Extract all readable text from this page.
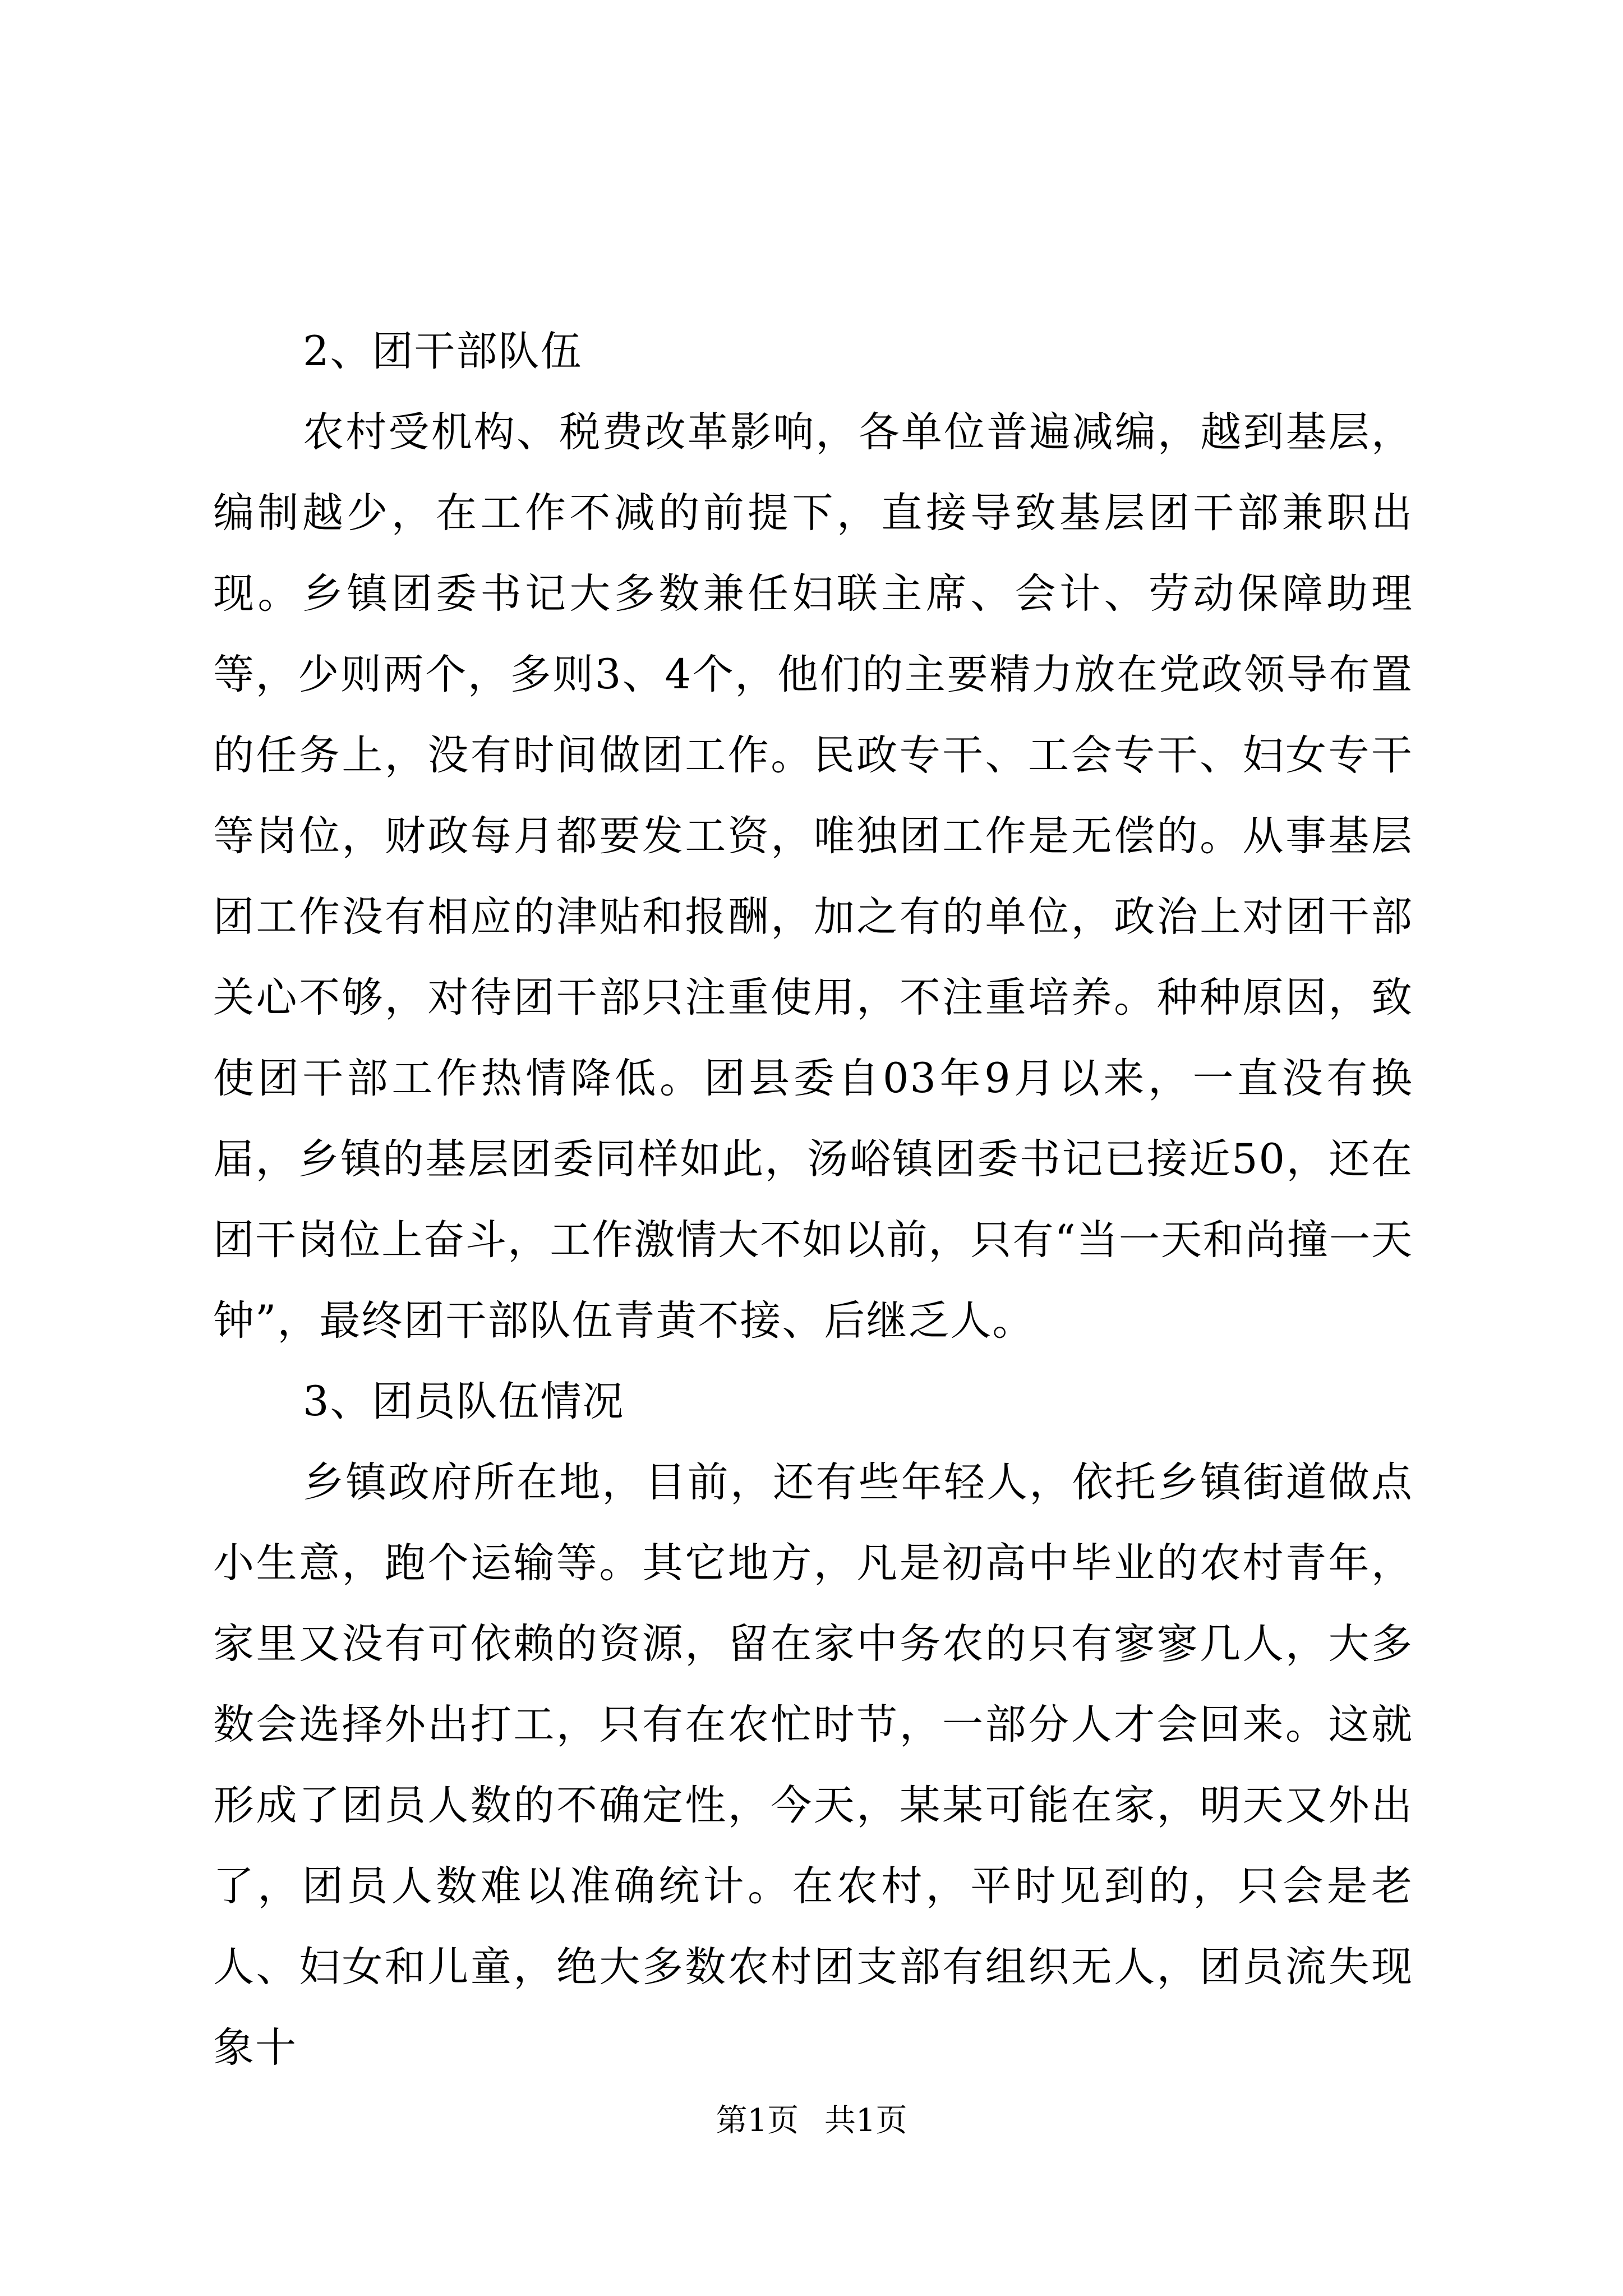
2、团干部队伍

农村受机构、税费改革影响，各单位普遍减编，越到基层，编制越少，在工作不减的前提下，直接导致基层团干部兼职出现。乡镇团委书记大多数兼任妇联主席、会计、劳动保障助理等，少则两个，多则3、4个，他们的主要精力放在党政领导布置的任务上，没有时间做团工作。民政专干、工会专干、妇女专干等岗位，财政每月都要发工资，唯独团工作是无偿的。从事基层团工作没有相应的津贴和报酬，加之有的单位，政治上对团干部关心不够，对待团干部只注重使用，不注重培养。种种原因，致使团干部工作热情降低。团县委自03年9月以来，一直没有换届，乡镇的基层团委同样如此，汤峪镇团委书记已接近50，还在团干岗位上奋斗，工作激情大不如以前，只有“当一天和尚撞一天钟”，最终团干部队伍青黄不接、后继乏人。

3、团员队伍情况

乡镇政府所在地，目前，还有些年轻人，依托乡镇街道做点小生意，跑个运输等。其它地方，凡是初高中毕业的农村青年，家里又没有可依赖的资源，留在家中务农的只有寥寥几人，大多数会选择外出打工，只有在农忙时节，一部分人才会回来。这就形成了团员人数的不确定性，今天，某某可能在家，明天又外出了，团员人数难以准确统计。在农村，平时见到的，只会是老人、妇女和儿童，绝大多数农村团支部有组织无人，团员流失现象十

第1页 共1页
